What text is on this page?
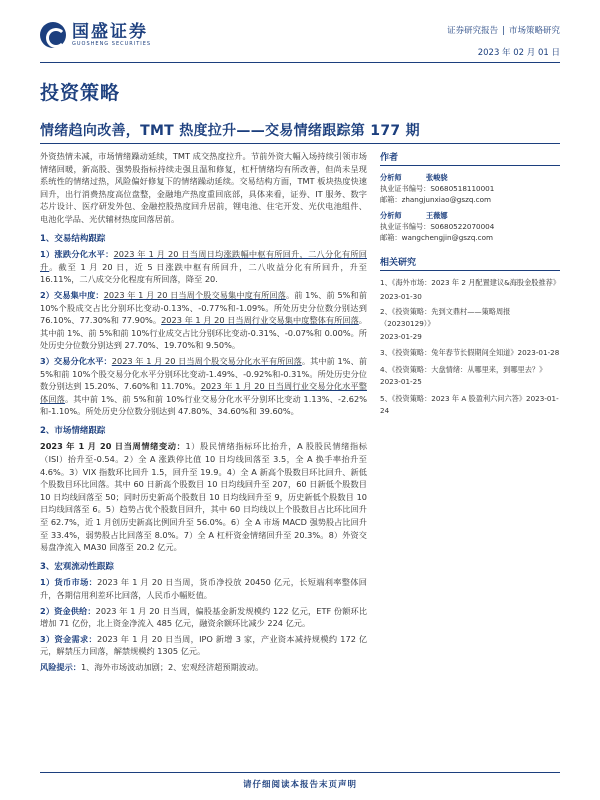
国盛证券
GUOSHENG SECURITIES
证券研究报告 | 市场策略研究
2023 年 02 月 01 日
投资策略
情绪趋向改善，TMT 热度拉升——交易情绪跟踪第 177 期

外资热情未减，市场情绪躁动延续，TMT 成交热度拉升。节前外资大幅入场持续引领市场情绪回暖，新高股、强势股指标持续走强且温和修复，杠杆情绪均有所改善，但尚未呈现系统性的情绪过热，风险偏好修复下的情绪躁动延续。交易结构方面，TMT 板块热度快速回升，出行消费热度高位盘整，金融地产热度重回底部，具体来看，证券、IT 服务、数字芯片设计、医疗研发外包、金融控股热度回升居前，锂电池、住宅开发、光伏电池组件、电池化学品、光伏辅材热度回落居前。

1、交易结构跟踪

1）涨跌分化水平：2023 年 1 月 20 日当周日均涨跌幅中枢有所回升，二八分化有所回升。截至 1 月 20 日，近 5 日涨跌中枢有所回升，二八收益分化有所回升，升至 16.11%，二八成交分化程度有所回落，降至 20.

2）交易集中度：2023 年 1 月 20 日当周个股交易集中度有所回落。前 1%、前 5%和前 10%个股成交占比分别环比变动-0.13%、-0.77%和-1.09%。所处历史分位数分别达到 76.10%、77.30%和 77.90%。2023 年 1 月 20 日当周行业交易集中度整体有所回落。其中前 1%、前 5%和前 10%行业成交占比分别环比变动-0.31%、-0.07%和 0.00%。所处历史分位数分别达到 27.70%、19.70%和 9.50%。

3）交易分化水平：2023 年 1 月 20 日当周个股交易分化水平有所回落。其中前 1%、前 5%和前 10%个股交易分化水平分别环比变动-1.49%、-0.92%和-0.31%。所处历史分位数分别达到 15.20%、7.60%和 11.70%。2023 年 1 月 20 日当周行业交易分化水平整体回落。其中前 1%、前 5%和前 10%行业交易分化水平分别环比变动 1.13%、-2.62%和-1.10%。所处历史分位数分别达到 47.80%、34.60%和 39.60%。

2、市场情绪跟踪

2023 年 1 月 20 日当周情绪变动：1）股民情绪指标环比抬升，A 股股民情绪指标（ISI）抬升至-0.54。2）全 A 涨跌停比值 10 日均线回落至 3.5，全 A 换手率抬升至 4.6%。3）VIX 指数环比回升 1.5，回升至 19.9。4）全 A 新高个股数目环比回升、新低个股数目环比回落。其中 60 日新高个股数目 10 日均线回升至 207，60 日新低个股数目 10 日均线回落至 50；同时历史新高个股数目 10 日均线回升至 9，历史新低个股数目 10 日均线回落至 6。5）趋势占优个股数目回升，其中 60 日均线以上个股数目占比环比回升至 62.7%，近 1 月创历史新高比例回升至 56.0%。6）全 A 市场 MACD 强势股占比回升至 33.4%，弱势股占比回落至 8.0%。7）全 A 杠杆资金情绪回升至 20.3%。8）外资交易盘净流入 MA30 回落至 20.2 亿元。

3、宏观流动性跟踪

1）货币市场：2023 年 1 月 20 日当周，货币净投放 20450 亿元，长短端利率整体回升，各期信用利差环比回落，人民币小幅贬值。

2）资金供给：2023 年 1 月 20 日当周，偏股基金新发规模约 122 亿元，ETF 份额环比增加 71 亿份，北上资金净流入 485 亿元，融资余额环比减少 224 亿元。

3）资金需求：2023 年 1 月 20 日当周，IPO 新增 3 家，产业资本减持规模约 172 亿元，解禁压力回落，解禁规模约 1305 亿元。

风险提示：1、海外市场波动加剧；2、宏观经济超预期波动。

作者
分析师	张峻骁
执业证书编号：S0680518110001
邮箱：zhangjunxiao@gszq.com
分析师	王薇娜
执业证书编号：S0680522070004
邮箱：wangchengjin@gszq.com
相关研究
1、《海外市场：2023 年 2 月配置建议&海股金股推荐》
2023-01-30
2、《投资策略：先到文鼎村——策略周报（20230129）》
2023-01-29
3、《投资策略：兔年春节长假期间全知道》2023-01-28
4、《投资策略：大盘情绪：从哪里来，到哪里去？》2023-01-25
5、《投资策略：2023 年 A 股盈利六问六答》2023-01-24
请仔细阅读本报告末页声明
